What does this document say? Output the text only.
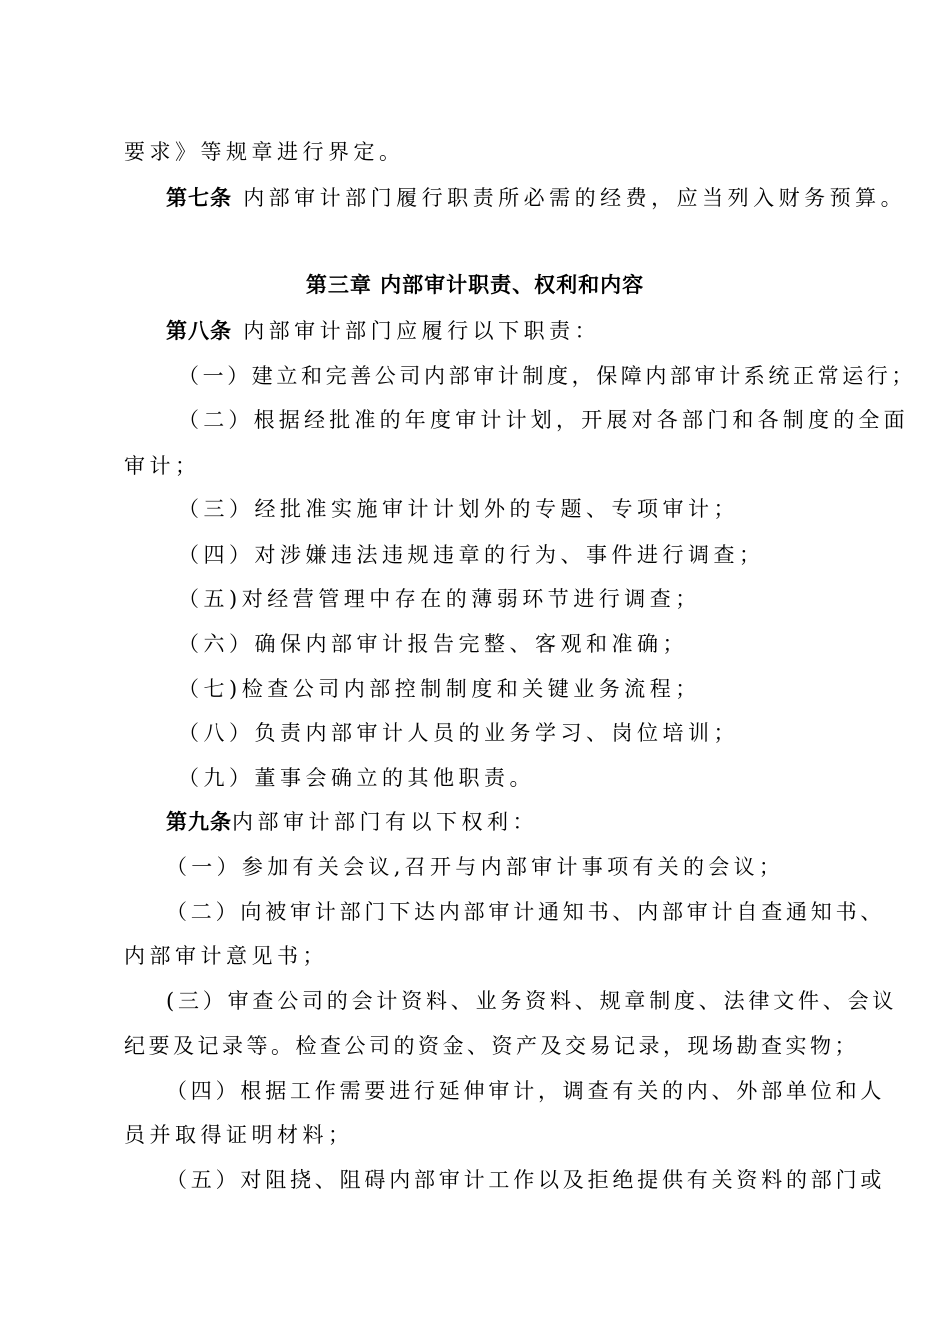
要求》等规章进行界定。
第七条 内部审计部门履行职责所必需的经费，应当列入财务预算。
第三章 内部审计职责、权利和内容
第八条 内部审计部门应履行以下职责：
（一）建立和完善公司内部审计制度，保障内部审计系统正常运行；
（二）根据经批准的年度审计计划，开展对各部门和各制度的全面
审计；
（三）经批准实施审计计划外的专题、专项审计；
（四）对涉嫌违法违规违章的行为、事件进行调查；
（五)对经营管理中存在的薄弱环节进行调查；
（六）确保内部审计报告完整、客观和准确；
（七)检查公司内部控制制度和关键业务流程；
（八）负责内部审计人员的业务学习、岗位培训；
（九）董事会确立的其他职责。
第九条内部审计部门有以下权利：
（一）参加有关会议,召开与内部审计事项有关的会议；
（二）向被审计部门下达内部审计通知书、内部审计自查通知书、
内部审计意见书；
(三）审查公司的会计资料、业务资料、规章制度、法律文件、会议
纪要及记录等。检查公司的资金、资产及交易记录，现场勘查实物；
（四）根据工作需要进行延伸审计，调查有关的内、外部单位和人
员并取得证明材料；
（五）对阻挠、阻碍内部审计工作以及拒绝提供有关资料的部门或
